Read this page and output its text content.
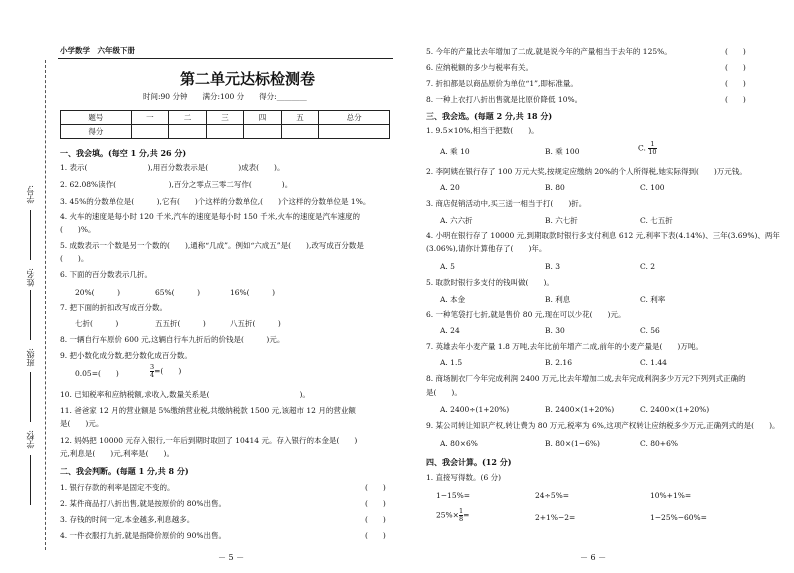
学号:
姓名:
班级:
学校:
小学数学　六年级下册
第二单元达标检测卷
时间:90 分钟　　满分:100 分　　得分:________
题号	一	二	三	四	五	总分
得分						
一、我会填。(每空 1 分,共 26 分)
1. 表示(　　　　　　　　),用百分数表示是(　　　　)成表(　　)。
2. 62.08%读作(　　　　　　　),百分之零点三零二写作(　　　　)。
3. 45%的分数单位是(　　　),它有(　　)个这样的分数单位,(　　)个这样的分数单位是 1%。
4. 火车的速度是每小时 120 千米,汽车的速度是每小时 150 千米,火车的速度是汽车速度的
(　　)%。
5. 成数表示一个数是另一个数的(　　),通称“几成”。例如“六成五”是(　　),改写成百分数是
(　　)。
6. 下面的百分数表示几折。
20%(　　　)	65%(　　　)	16%(　　　)
7. 把下面的折扣改写成百分数。
七折(　　　)	五五折(　　　)	八五折(　　　)
8. 一辆自行车原价 600 元,这辆自行车九折后的价钱是(　　　)元。
9. 把小数化成分数,把分数化成百分数。
0.05=(　　)	$\frac{3}{4}$ =(　　)
10. 已知税率和应纳税额,求收入,数量关系是(　　　　　　　　　　　　)。
11. 爸爸家 12 月的营业额是 5%缴纳营业税,共缴纳税款 1500 元,该超市 12 月的营业额
是(　　)元。
12. 妈妈把 10000 元存入银行,一年后到期时取回了 10414 元。存入银行的本金是(　　)
元,利息是(　　)元,利率是(　　)。
二、我会判断。(每题 1 分,共 8 分)
1. 银行存款的利率是固定不变的。	(　　)
2. 某件商品打八折出售,就是按原价的 80%出售。	(　　)
3. 存钱的时间一定,本金越多,利息越多。	(　　)
4. 一件衣服打九折,就是指降价原价的 90%出售。	(　　)
－ 5 －
5. 今年的产量比去年增加了二成,就是说今年的产量相当于去年的 125%。	(　　)
6. 应纳税额的多少与税率有关。	(　　)
7. 折扣都是以商品原价为单位“1”,即标准量。	(　　)
8. 一种上衣打八折出售就是比原价降低 10%。	(　　)
三、我会选。(每题 2 分,共 18 分)
1. 9.5×10%,相当于把数(　　)。
A. 乘 10	B. 乘 100	C. $\frac{1}{10}$
2. 李阿姨在银行存了 100 万元大奖,按规定应缴纳 20%的个人所得税,她实际得到(　　)万元钱。
A. 20	B. 80	C. 100
3. 商店促销活动中,买三送一相当于打(　　)折。
A. 六六折	B. 六七折	C. 七五折
4. 小明在银行存了 10000 元,到期取款时银行多支付利息 612 元,利率下表(4.14%)、三年(3.69%)、两年
(3.06%),请你计算他存了(　　)年。
A. 5	B. 3	C. 2
5. 取款时银行多支付的钱叫做(　　)。
A. 本金	B. 利息	C. 利率
6. 一种笔袋打七折,就是售价 80 元,现在可以少花(　　)元。
A. 24	B. 30	C. 56
7. 英雄去年小麦产量 1.8 万吨,去年比前年增产二成,前年的小麦产量是(　　)万吨。
A. 1.5	B. 2.16	C. 1.44
8. 商场制衣厂今年完成利润 2400 万元,比去年增加二成,去年完成利润多少万元?下列列式正确的
是(　　)。
A. 2400÷(1+20%)	B. 2400×(1+20%)	C. 2400×(1+20%)
9. 某公司转让知识产权,转让费为 80 万元,税率为 6%,这项产权转让应纳税多少万元,正确列式的是(　　)。
A. 80×6%	B. 80×(1−6%)	C. 80+6%
四、我会计算。(12 分)
1. 直接写得数。(6 分)
1−15%=	24÷5%=	10%+1%=
$25\%\times \frac{1}{8}$ =	2+1%−2=	1−25%−60%=
－ 6 －
